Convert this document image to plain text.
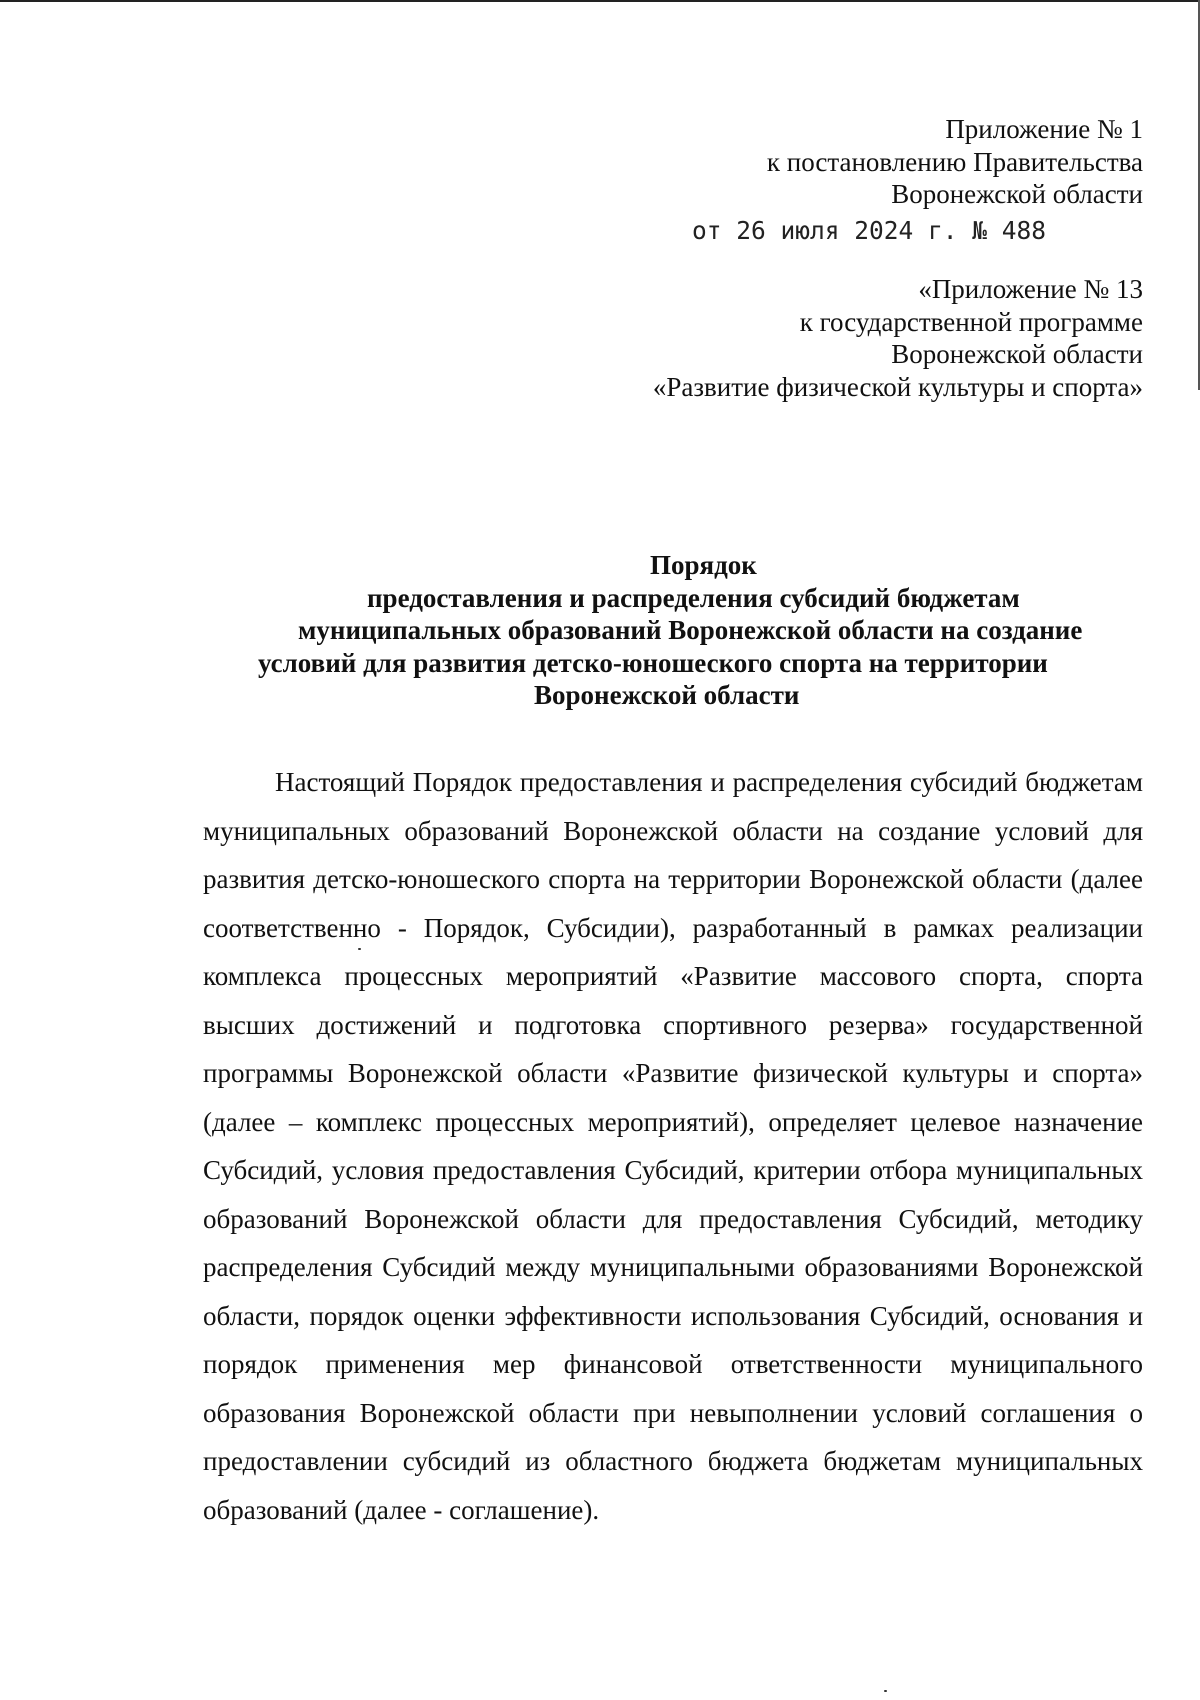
Приложение № 1
к постановлению Правительства
Воронежской области
от 26 июля 2024 г. № 488
«Приложение № 13
к государственной программе
Воронежской области
«Развитие физической культуры и спорта»
Порядок
предоставления и распределения субсидий бюджетам
муниципальных образований Воронежской области на создание
условий для развития детско-юношеского спорта на территории
Воронежской области

Настоящий Порядок предоставления и распределения субсидий бюджетам муниципальных образований Воронежской области на создание условий для развития детско-юношеского спорта на территории Воронежской области (далее соответственно - Порядок, Субсидии), разработанный в рамках реализации комплекса процессных мероприятий «Развитие массового спорта, спорта высших достижений и подготовка спортивного резерва» государственной программы Воронежской области «Развитие физической культуры и спорта» (далее – комплекс процессных мероприятий), определяет целевое назначение Субсидий, условия предоставления Субсидий, критерии отбора муниципальных образований Воронежской области для предоставления Субсидий, методику распределения Субсидий между муниципальными образованиями Воронежской области, порядок оценки эффективности использования Субсидий, основания и порядок применения мер финансовой ответственности муниципального образования Воронежской области при невыполнении условий соглашения о предоставлении субсидий из областного бюджета бюджетам муниципальных образований (далее - соглашение).
